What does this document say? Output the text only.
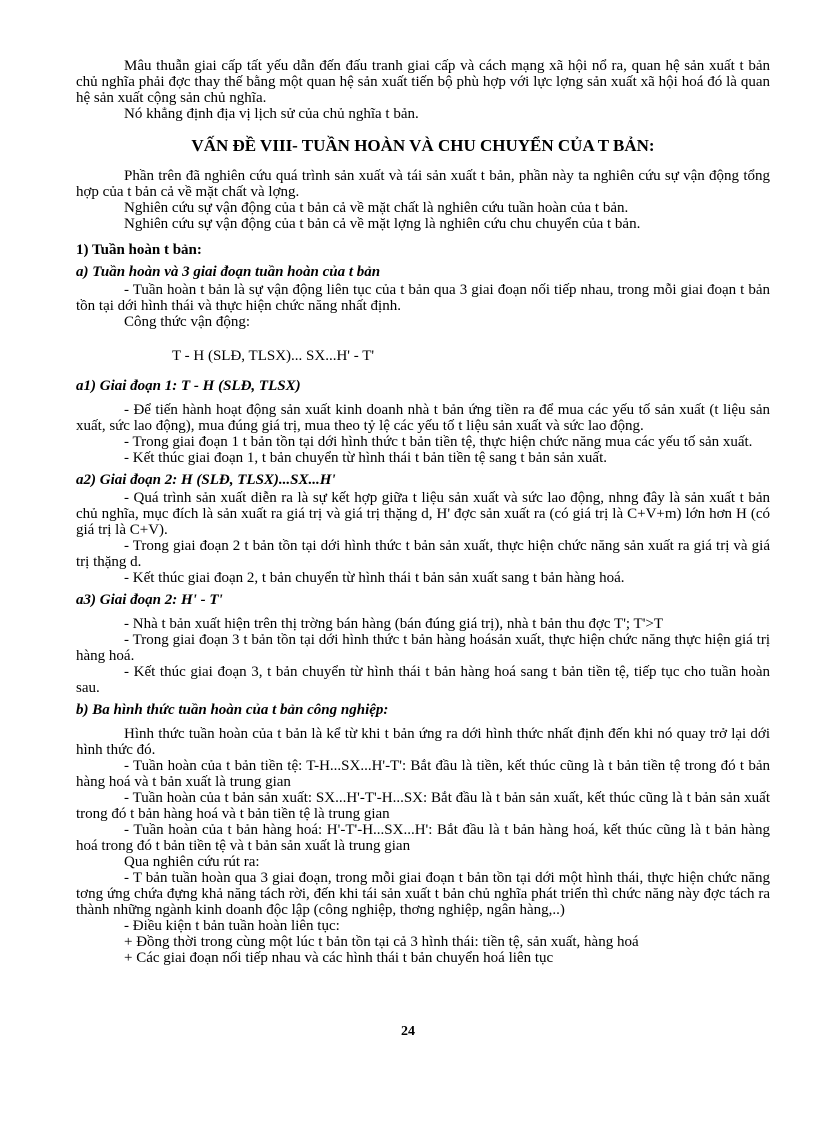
Mâu thuẫn giai cấp tất yếu dẫn đến đấu tranh giai cấp và cách mạng xã hội nổ ra, quan hệ sản xuất t bản chủ nghĩa phải đợc thay thế bằng một quan hệ sản xuất tiến bộ phù hợp với lực lợng sản xuất xã hội hoá đó là quan hệ sản xuất cộng sản chủ nghĩa.

Nó khẳng định địa vị lịch sử của chủ nghĩa t bản.

VẤN ĐỀ VIII- TUẦN HOÀN VÀ CHU CHUYỂN CỦA T BẢN:

Phần trên đã nghiên cứu quá trình sản xuất và tái sản xuất t bản, phần này ta nghiên cứu sự vận động tổng hợp của t bản cả về mặt chất và lợng.

Nghiên cứu sự vận động của t bản cả về mặt chất là nghiên cứu tuần hoàn của t bản.

Nghiên cứu sự vận động của t bản cả về mặt lợng là nghiên cứu chu chuyển của t bản.

1) Tuần hoàn t bản:
a) Tuần hoàn và 3 giai đoạn tuần hoàn của t bản

- Tuần hoàn t bản là sự vận động liên tục của t bản qua 3 giai đoạn nối tiếp nhau, trong mỗi giai đoạn t bản tồn tại dới hình thái và thực hiện chức năng nhất định.

Công thức vận động:

T - H (SLĐ, TLSX)... SX...H' - T'
a1) Giai đoạn 1: T - H (SLĐ, TLSX)

- Để tiến hành hoạt động sản xuất kinh doanh nhà t bản ứng tiền ra để mua các yếu tố sản xuất (t liệu sản xuất, sức lao động), mua đúng giá trị, mua theo tỷ lệ các yếu tố t liệu sản xuất và sức lao động.

- Trong giai đoạn 1 t bản tồn tại dới hình thức t bản tiền tệ, thực hiện chức năng mua các yếu tố sản xuất.

- Kết thúc giai đoạn 1, t bản chuyển từ hình thái t bản tiền tệ sang t bản sản xuất.

a2) Giai đoạn 2: H (SLĐ, TLSX)...SX...H'

- Quá trình sản xuất diễn ra là sự kết hợp giữa t liệu sản xuất và sức lao động, nhng đây là sản xuất t bản chủ nghĩa, mục đích là sản xuất ra giá trị và giá trị thặng d, H' đợc sản xuất ra (có giá trị là C+V+m) lớn hơn H (có giá trị là C+V).

- Trong giai đoạn 2 t bản tồn tại dới hình thức t bản sản xuất, thực hiện chức năng sản xuất ra giá trị và giá trị thặng d.

- Kết thúc giai đoạn 2, t bản chuyển từ hình thái t bản sản xuất sang t bản hàng hoá.

a3) Giai đoạn 2: H' - T'

- Nhà t bản xuất hiện trên thị trờng bán hàng (bán đúng giá trị), nhà t bản thu đợc T'; T'>T

- Trong giai đoạn 3 t bản tồn tại dới hình thức t bản hàng hoásản xuất, thực hiện chức năng thực hiện giá trị hàng hoá.

- Kết thúc giai đoạn 3, t bản chuyển từ hình thái t bản hàng hoá sang t bản tiền tệ, tiếp tục cho tuần hoàn sau.

b) Ba hình thức tuần hoàn của t bản công nghiệp:

Hình thức tuần hoàn của t bản là kể từ khi t bản ứng ra dới hình thức nhất định đến khi nó quay trở lại dới hình thức đó.

- Tuần hoàn của t bản tiền tệ: T-H...SX...H'-T': Bắt đầu là tiền, kết thúc cũng là t bản tiền tệ trong đó t bản hàng hoá và t bản xuất là trung gian

- Tuần hoàn của t bản sản xuất: SX...H'-T'-H...SX: Bắt đầu là t bản sản xuất, kết thúc cũng là t bản sản xuất trong đó t bản hàng hoá và t bản tiền tệ là trung gian

- Tuần hoàn của t bản hàng hoá: H'-T'-H...SX...H': Bắt đầu là t bản hàng hoá, kết thúc cũng là t bản hàng hoá trong đó t bản tiền tệ và t bản sản xuất là trung gian

Qua nghiên cứu rút ra:

- T bản tuần hoàn qua 3 giai đoạn, trong mỗi giai đoạn t bản tồn tại dới một hình thái, thực hiện chức năng tơng ứng chứa đựng khả năng tách rời, đến khi tái sản xuất t bản chủ nghĩa phát triển thì chức năng này đợc tách ra thành những ngành kinh doanh độc lập (công nghiệp, thơng nghiệp, ngân hàng,..)

- Điều kiện t bản tuần hoàn liên tục:

+ Đồng thời trong cùng một lúc t bản tồn tại cả 3 hình thái: tiền tệ, sản xuất, hàng hoá

+ Các giai đoạn nối tiếp nhau và các hình thái t bản chuyển hoá liên tục

24
